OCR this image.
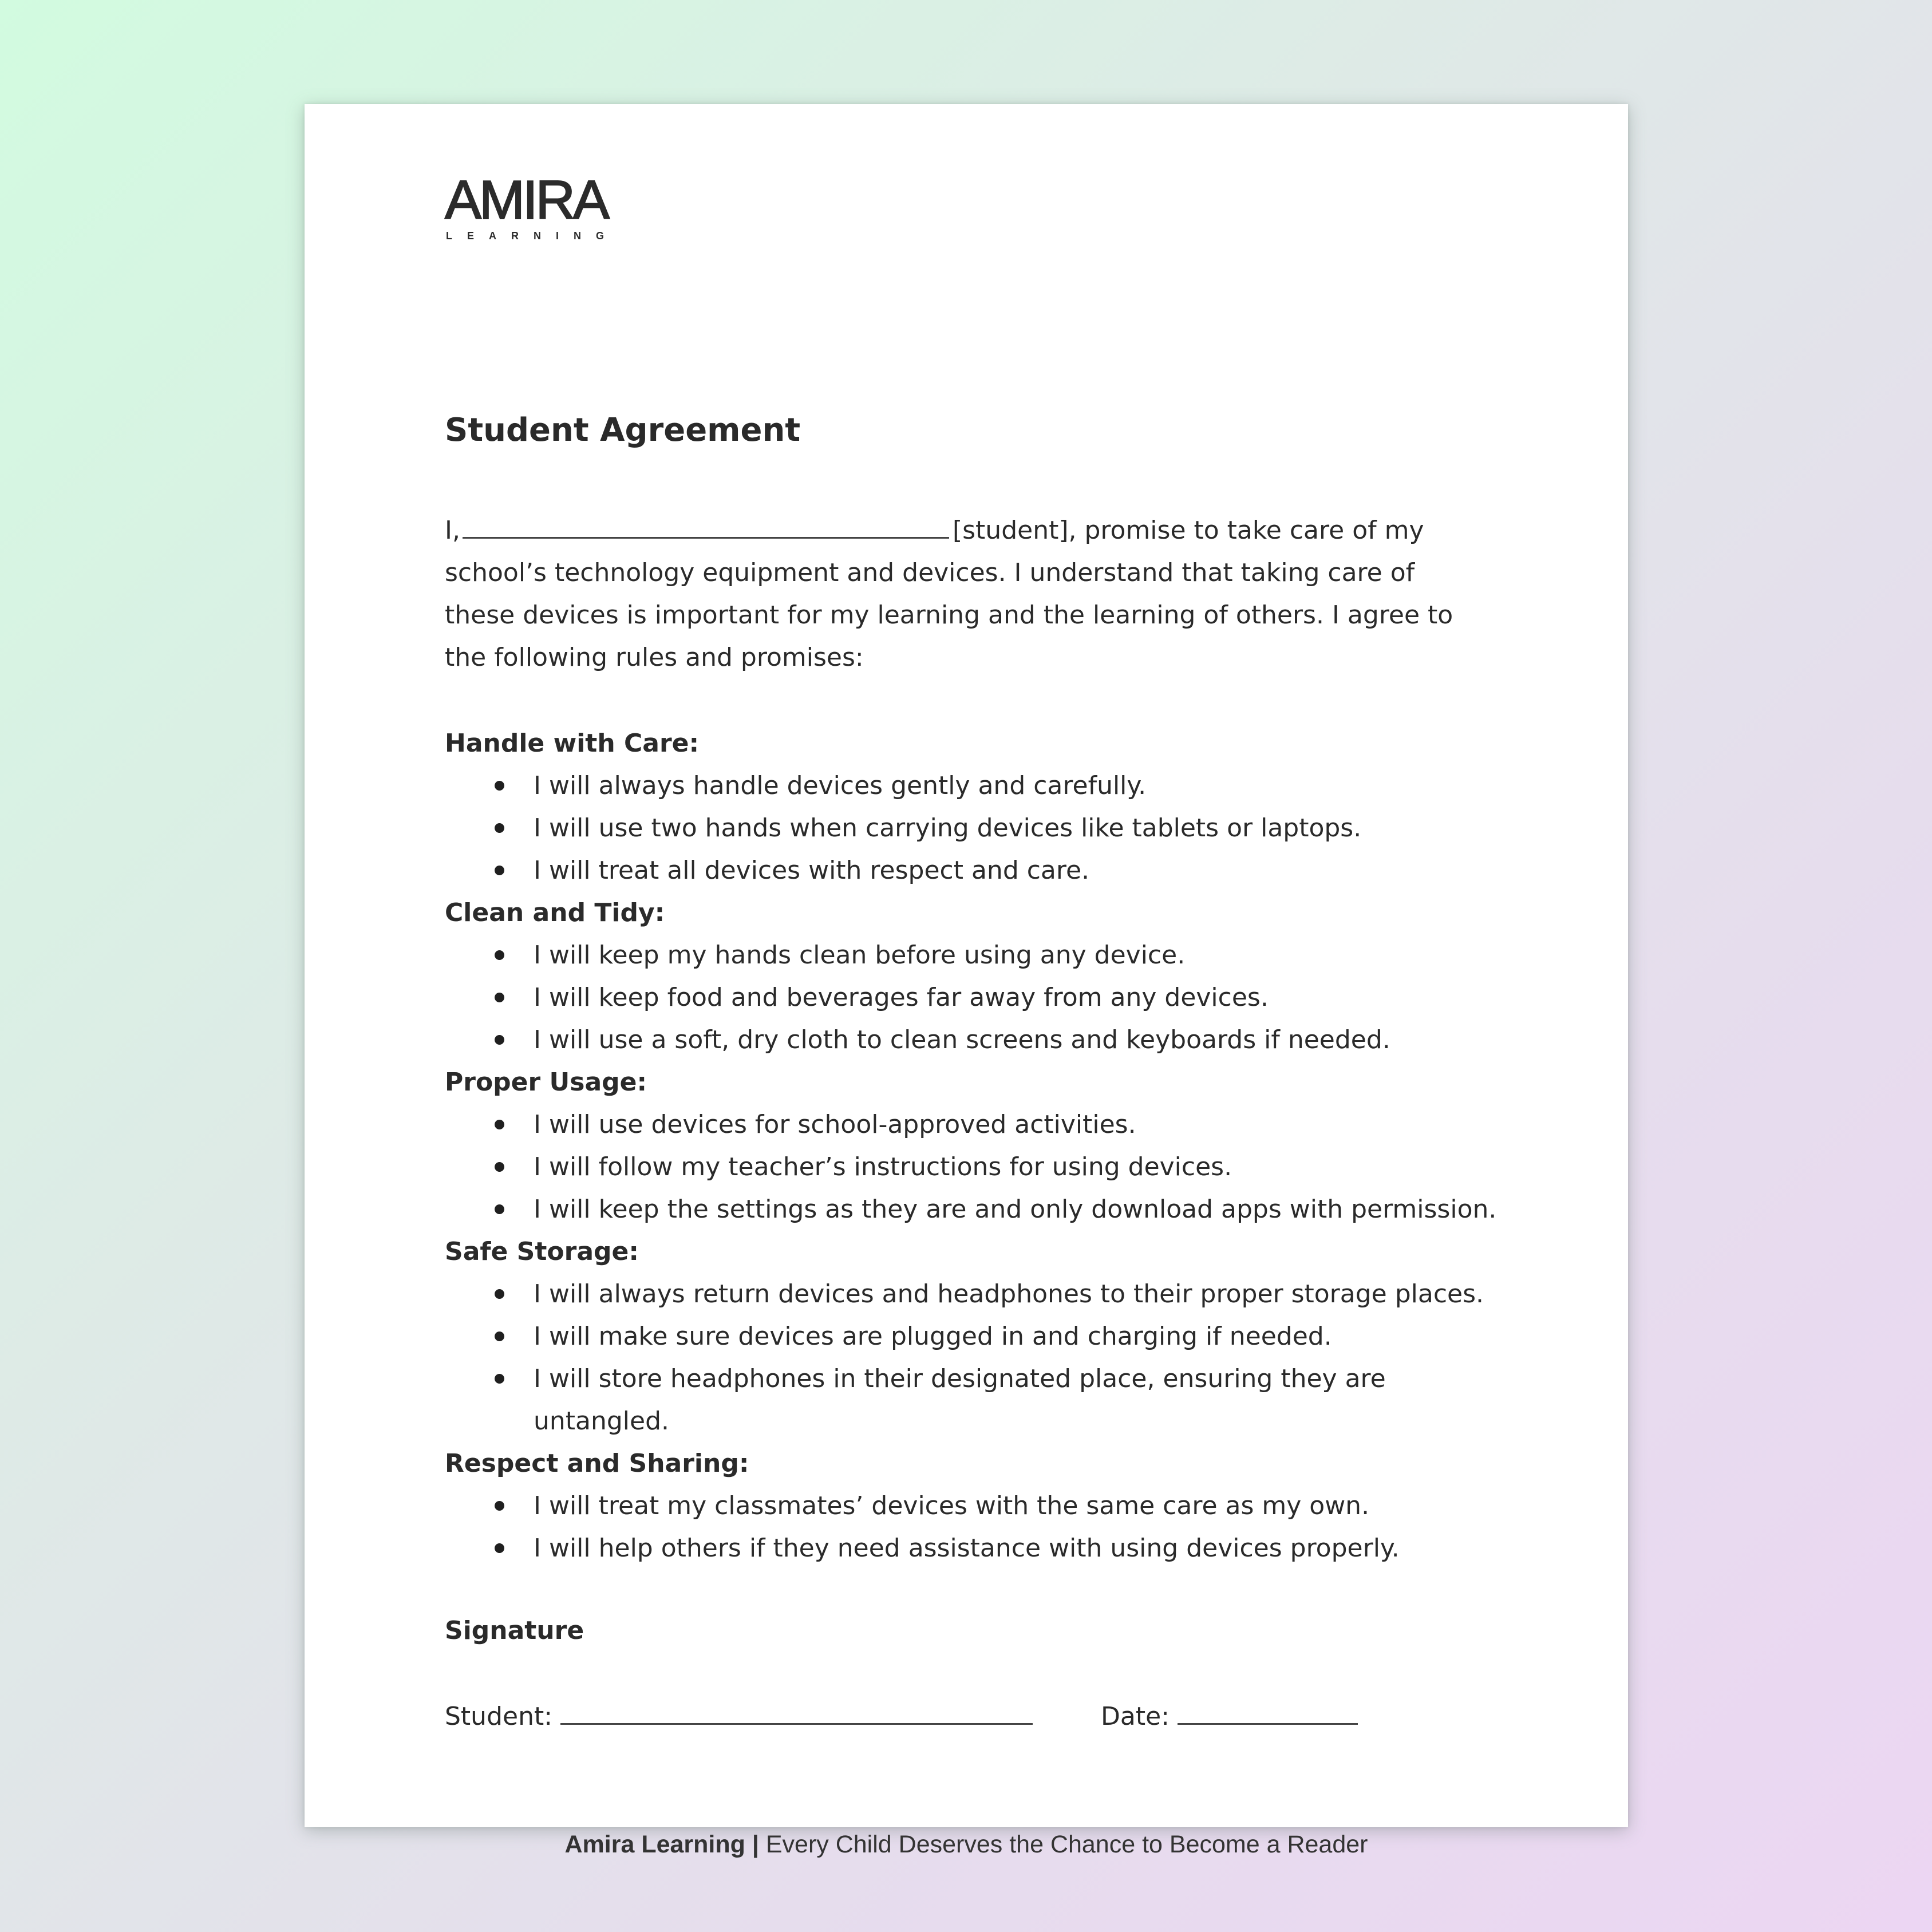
AMIRA
LEARNING
Student Agreement
I,	[student], promise to take care of my school’s technology equipment and devices. I understand that taking care of these devices is important for my learning and the learning of others. I agree to the following rules and promises:
Handle with Care:
I will always handle devices gently and carefully.
I will use two hands when carrying devices like tablets or laptops.
I will treat all devices with respect and care.
Clean and Tidy:
I will keep my hands clean before using any device.
I will keep food and beverages far away from any devices.
I will use a soft, dry cloth to clean screens and keyboards if needed.
Proper Usage:
I will use devices for school-approved activities.
I will follow my teacher’s instructions for using devices.
I will keep the settings as they are and only download apps with permission.
Safe Storage:
I will always return devices and headphones to their proper storage places.
I will make sure devices are plugged in and charging if needed.
I will store headphones in their designated place, ensuring they are untangled.
Respect and Sharing:
I will treat my classmates’ devices with the same care as my own.
I will help others if they need assistance with using devices properly.
Signature
Student:	Date:
Amira Learning | Every Child Deserves the Chance to Become a Reader
